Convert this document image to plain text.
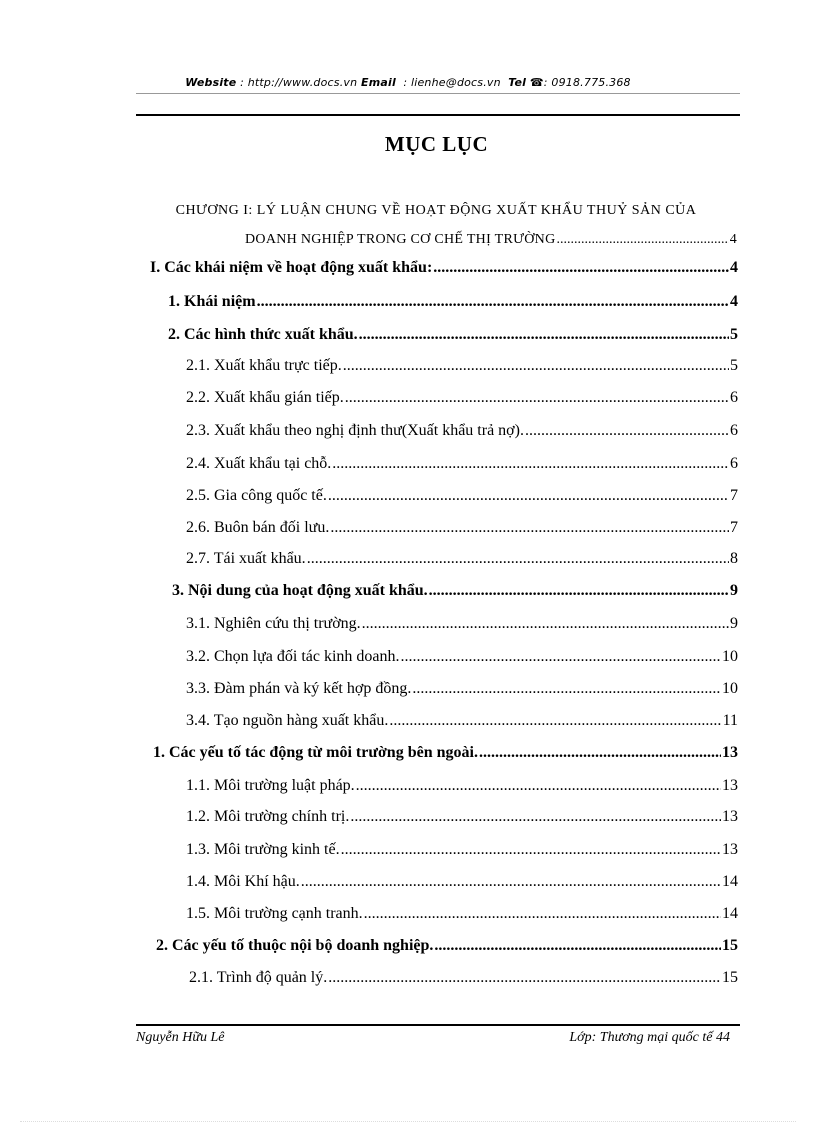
Website : http://www.docs.vn Email  : lienhe@docs.vn Tel ☎: 0918.775.368
MỤC LỤC
CHƯƠNG I: LÝ LUẬN CHUNG VỀ HOẠT ĐỘNG XUẤT KHẨU THUỶ SẢN CỦA
DOANH NGHIỆP TRONG CƠ CHẾ THỊ TRƯỜNG .....	4
I. Các khái niệm về hoạt động xuất khẩu: .....	4
1. Khái niệm .....	4
2. Các hình thức xuất khẩu. .....	5
2.1. Xuất khẩu trực tiếp. .....	5
2.2. Xuất khẩu gián tiếp. .....	6
2.3. Xuất khẩu theo nghị định thư(Xuất khẩu trả nợ). .....	6
2.4. Xuất khẩu tại chỗ. .....	6
2.5. Gia công quốc tế. .....	7
2.6. Buôn bán đối lưu. .....	7
2.7. Tái xuất khẩu. .....	8
3. Nội dung của hoạt động xuất khẩu. .....	9
3.1. Nghiên cứu thị trường. .....	9
3.2. Chọn lựa đối tác kinh doanh. .....	10
3.3. Đàm phán và ký kết hợp đồng. .....	10
3.4. Tạo nguồn hàng xuất khẩu. .....	11
1. Các yếu tố tác động từ môi trường bên ngoài. .....	13
1.1. Môi trường luật pháp. .....	13
1.2. Môi trường chính trị. .....	13
1.3. Môi trường kinh tế. .....	13
1.4. Môi Khí hậu. .....	14
1.5. Môi trường cạnh tranh. .....	14
2. Các yếu tố thuộc nội bộ doanh nghiệp. .....	15
2.1. Trình độ quản lý. .....	15
Nguyễn Hữu Lê	Lớp: Thương mại quốc tế 44
